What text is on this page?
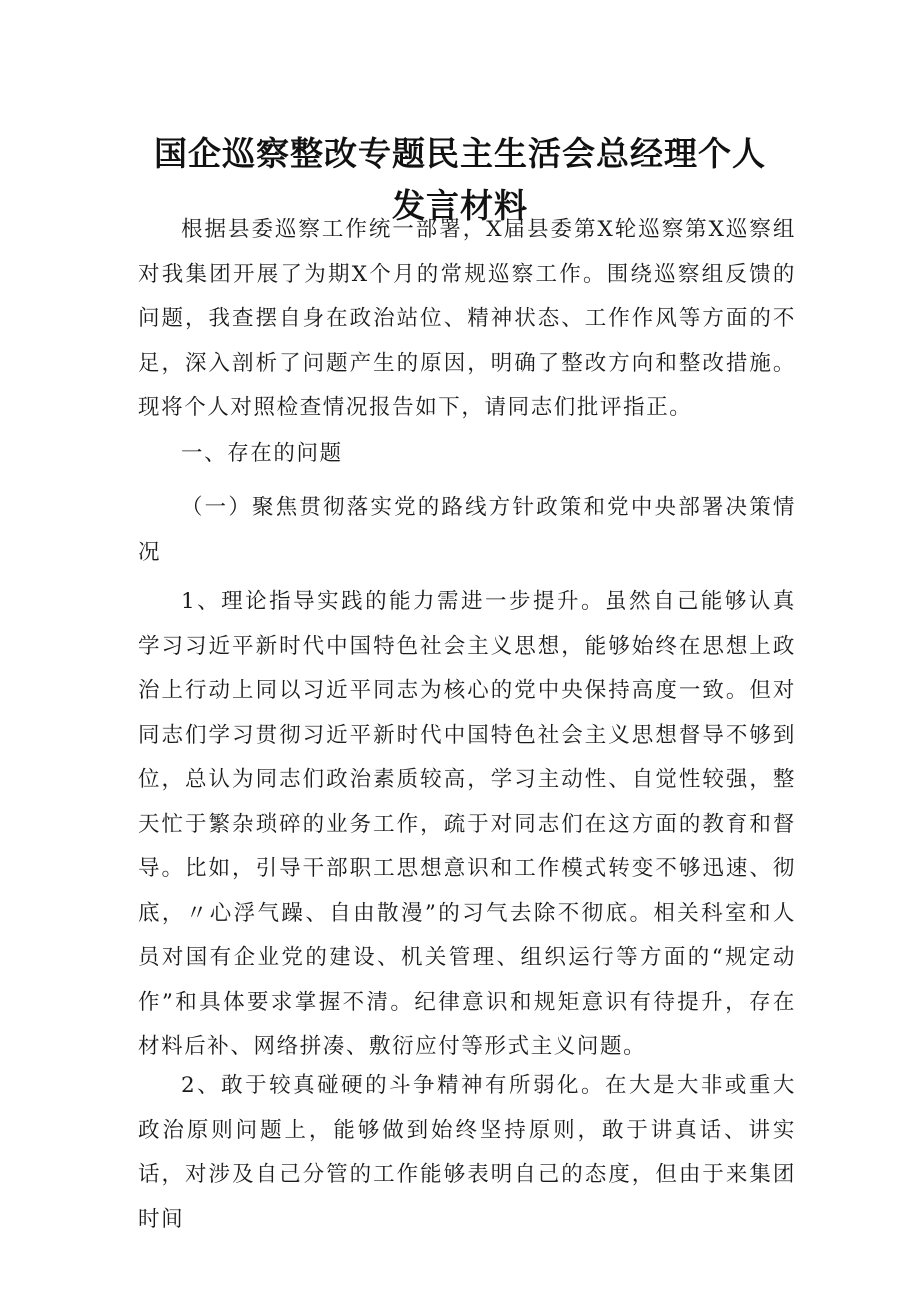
国企巡察整改专题民主生活会总经理个人发言材料

根据县委巡察工作统一部署，X届县委第X轮巡察第X巡察组对我集团开展了为期X个月的常规巡察工作。围绕巡察组反馈的问题，我查摆自身在政治站位、精神状态、工作作风等方面的不足，深入剖析了问题产生的原因，明确了整改方向和整改措施。现将个人对照检查情况报告如下，请同志们批评指正。

一、存在的问题

（一）聚焦贯彻落实党的路线方针政策和党中央部署决策情况

1、理论指导实践的能力需进一步提升。虽然自己能够认真学习习近平新时代中国特色社会主义思想，能够始终在思想上政治上行动上同以习近平同志为核心的党中央保持高度一致。但对同志们学习贯彻习近平新时代中国特色社会主义思想督导不够到位，总认为同志们政治素质较高，学习主动性、自觉性较强，整天忙于繁杂琐碎的业务工作，疏于对同志们在这方面的教育和督导。比如，引导干部职工思想意识和工作模式转变不够迅速、彻底，〃心浮气躁、自由散漫”的习气去除不彻底。相关科室和人员对国有企业党的建设、机关管理、组织运行等方面的“规定动作”和具体要求掌握不清。纪律意识和规矩意识有待提升，存在材料后补、网络拼凑、敷衍应付等形式主义问题。

2、敢于较真碰硬的斗争精神有所弱化。在大是大非或重大政治原则问题上，能够做到始终坚持原则，敢于讲真话、讲实话，对涉及自己分管的工作能够表明自己的态度，但由于来集团时间
